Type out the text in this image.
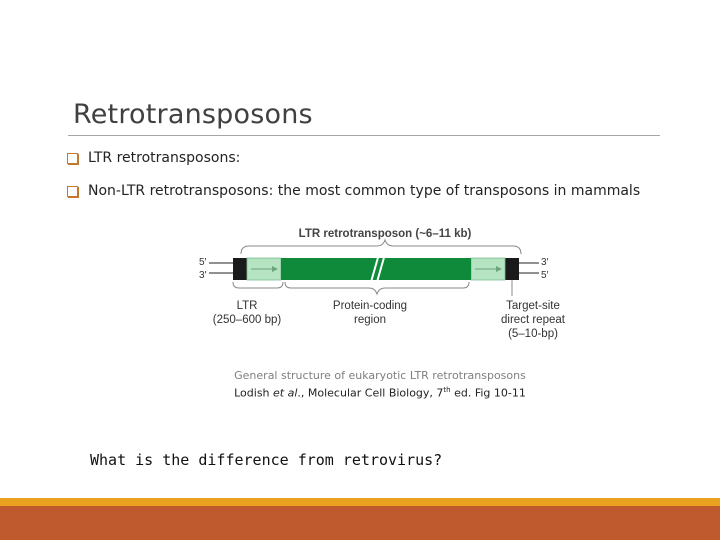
Retrotransposons
LTR retrotransposons:
Non-LTR retrotransposons: the most common type of transposons in mammals
LTR retrotransposon (~6–11 kb)
5′
3′
3′
5′
LTR
(250–600 bp)
Protein-coding
region
Target-site
direct repeat
(5–10-bp)
General structure of eukaryotic LTR retrotransposons
Lodish et al., Molecular Cell Biology, 7th ed. Fig 10-11
What is the difference from retrovirus?
